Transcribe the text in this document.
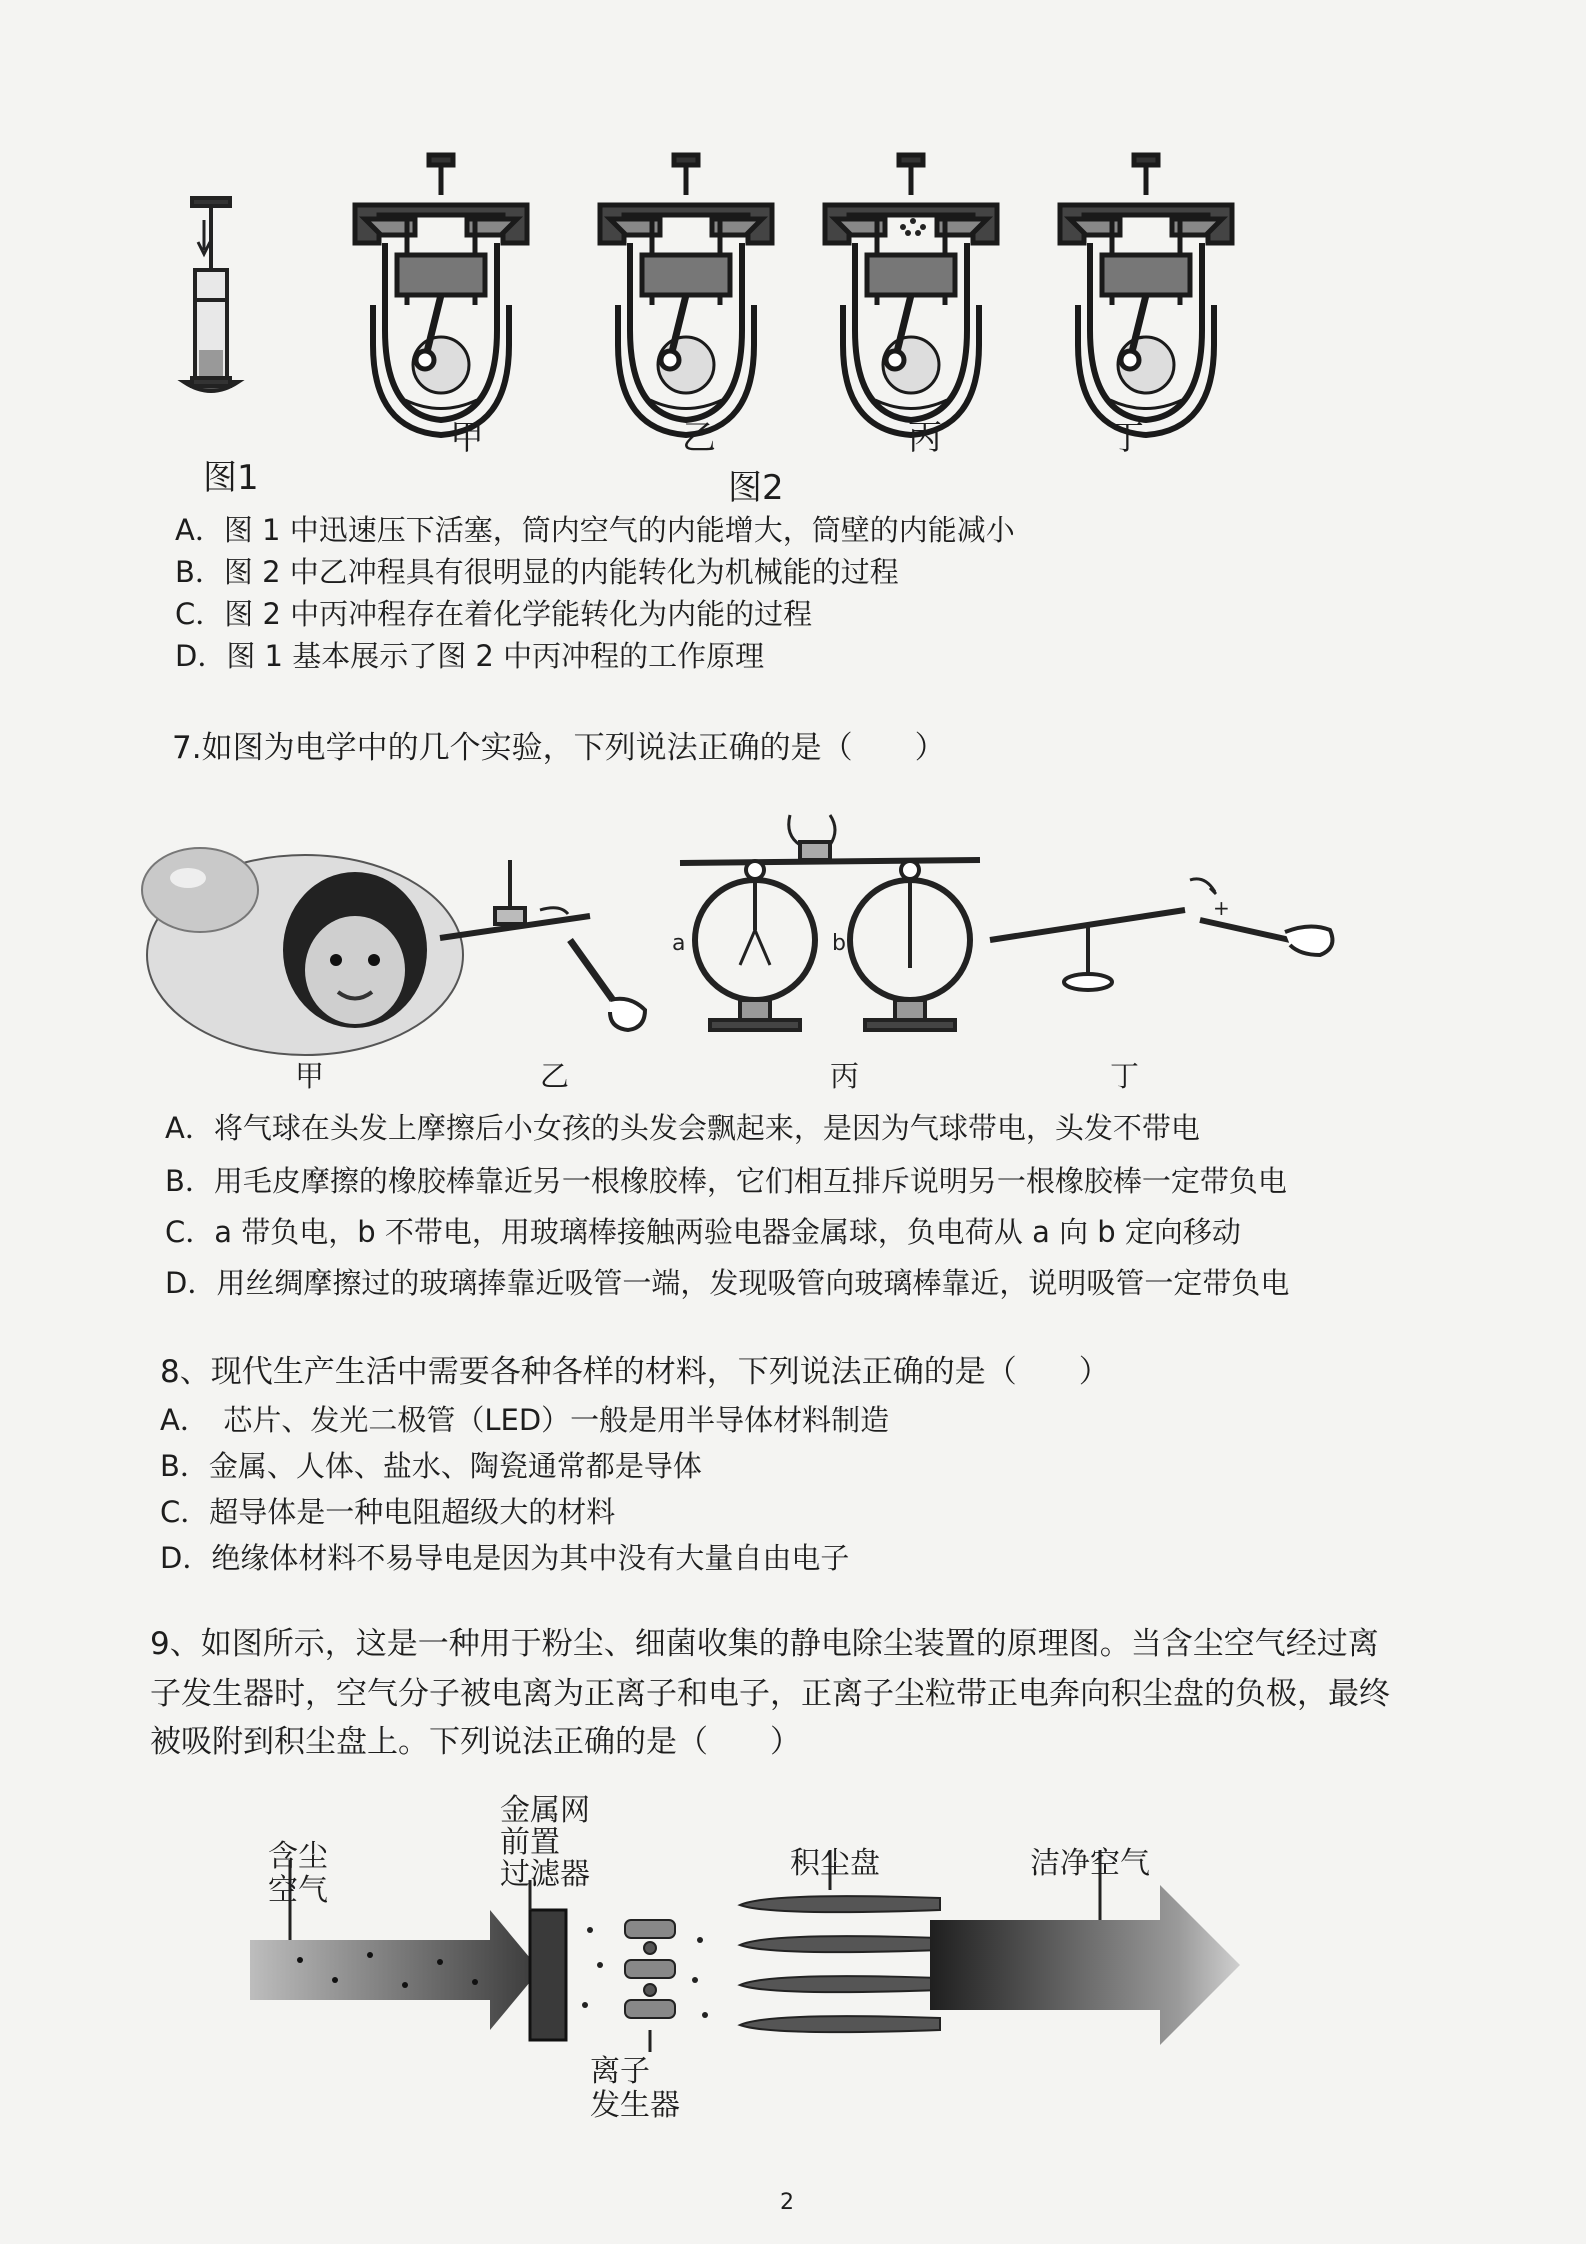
图1	图2
甲	乙	丙	丁
A．图 1 中迅速压下活塞，筒内空气的内能增大，筒壁的内能减小
B．图 2 中乙冲程具有很明显的内能转化为机械能的过程
C．图 2 中丙冲程存在着化学能转化为内能的过程
D．图 1 基本展示了图 2 中丙冲程的工作原理
7.如图为电学中的几个实验，下列说法正确的是（　　）
a	b
+
甲	乙	丙	丁
A．将气球在头发上摩擦后小女孩的头发会飘起来，是因为气球带电，头发不带电
B．用毛皮摩擦的橡胶棒靠近另一根橡胶棒，它们相互排斥说明另一根橡胶棒一定带负电
C．a 带负电，b 不带电，用玻璃棒接触两验电器金属球，负电荷从 a 向 b 定向移动
D．用丝绸摩擦过的玻璃捧靠近吸管一端，发现吸管向玻璃棒靠近，说明吸管一定带负电
8、现代生产生活中需要各种各样的材料，下列说法正确的是（　　）
A．　芯片、发光二极管（LED）一般是用半导体材料制造
B．金属、人体、盐水、陶瓷通常都是导体
C．超导体是一种电阻超级大的材料
D．绝缘体材料不易导电是因为其中没有大量自由电子
9、如图所示，这是一种用于粉尘、细菌收集的静电除尘装置的原理图。当含尘空气经过离
子发生器时，空气分子被电离为正离子和电子，正离子尘粒带正电奔向积尘盘的负极，最终
被吸附到积尘盘上。下列说法正确的是（　　）
含尘
空气
金属网
前置
过滤器	积尘盘	洁净空气
离子
发生器
2
